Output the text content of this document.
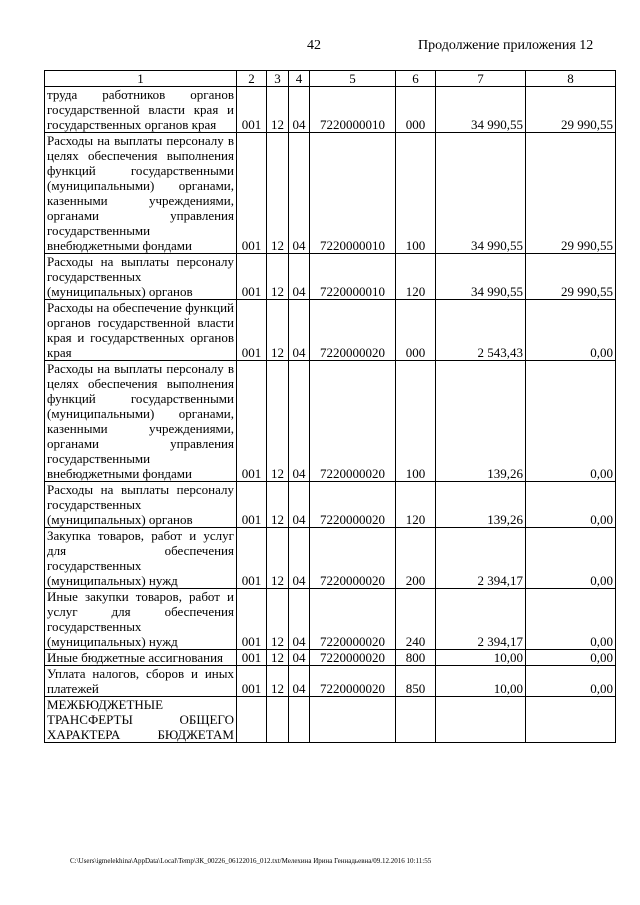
42	Продолжение приложения 12
1	2	3	4	5	6	7	8
труда работников органов государственной власти края и государственных органов края	001	12	04	7220000010	000	34 990,55	29 990,55
Расходы на выплаты персоналу в целях обеспечения выполнения функций государственными (муниципальными) органами, казенными учреждениями, органами управления государственными внебюджетными фондами	001	12	04	7220000010	100	34 990,55	29 990,55
Расходы на выплаты персоналу государственных (муниципальных) органов	001	12	04	7220000010	120	34 990,55	29 990,55
Расходы на обеспечение функций органов государственной власти края и государственных органов края	001	12	04	7220000020	000	2 543,43	0,00
Расходы на выплаты персоналу в целях обеспечения выполнения функций государственными (муниципальными) органами, казенными учреждениями, органами управления государственными внебюджетными фондами	001	12	04	7220000020	100	139,26	0,00
Расходы на выплаты персоналу государственных (муниципальных) органов	001	12	04	7220000020	120	139,26	0,00
Закупка товаров, работ и услуг для обеспечения государственных (муниципальных) нужд	001	12	04	7220000020	200	2 394,17	0,00
Иные закупки товаров, работ и услуг для обеспечения государственных (муниципальных) нужд	001	12	04	7220000020	240	2 394,17	0,00
Иные бюджетные ассигнования	001	12	04	7220000020	800	10,00	0,00
Уплата налогов, сборов и иных платежей	001	12	04	7220000020	850	10,00	0,00
МЕЖБЮДЖЕТНЫЕ ТРАНСФЕРТЫ ОБЩЕГО ХАРАКТЕРА БЮДЖЕТАМ							
C:\Users\igmelekhina\AppData\Local\Temp\ЗК_00226_06122016_012.txt/Мелехина Ирина Геннадьевна/09.12.2016 10:11:55
